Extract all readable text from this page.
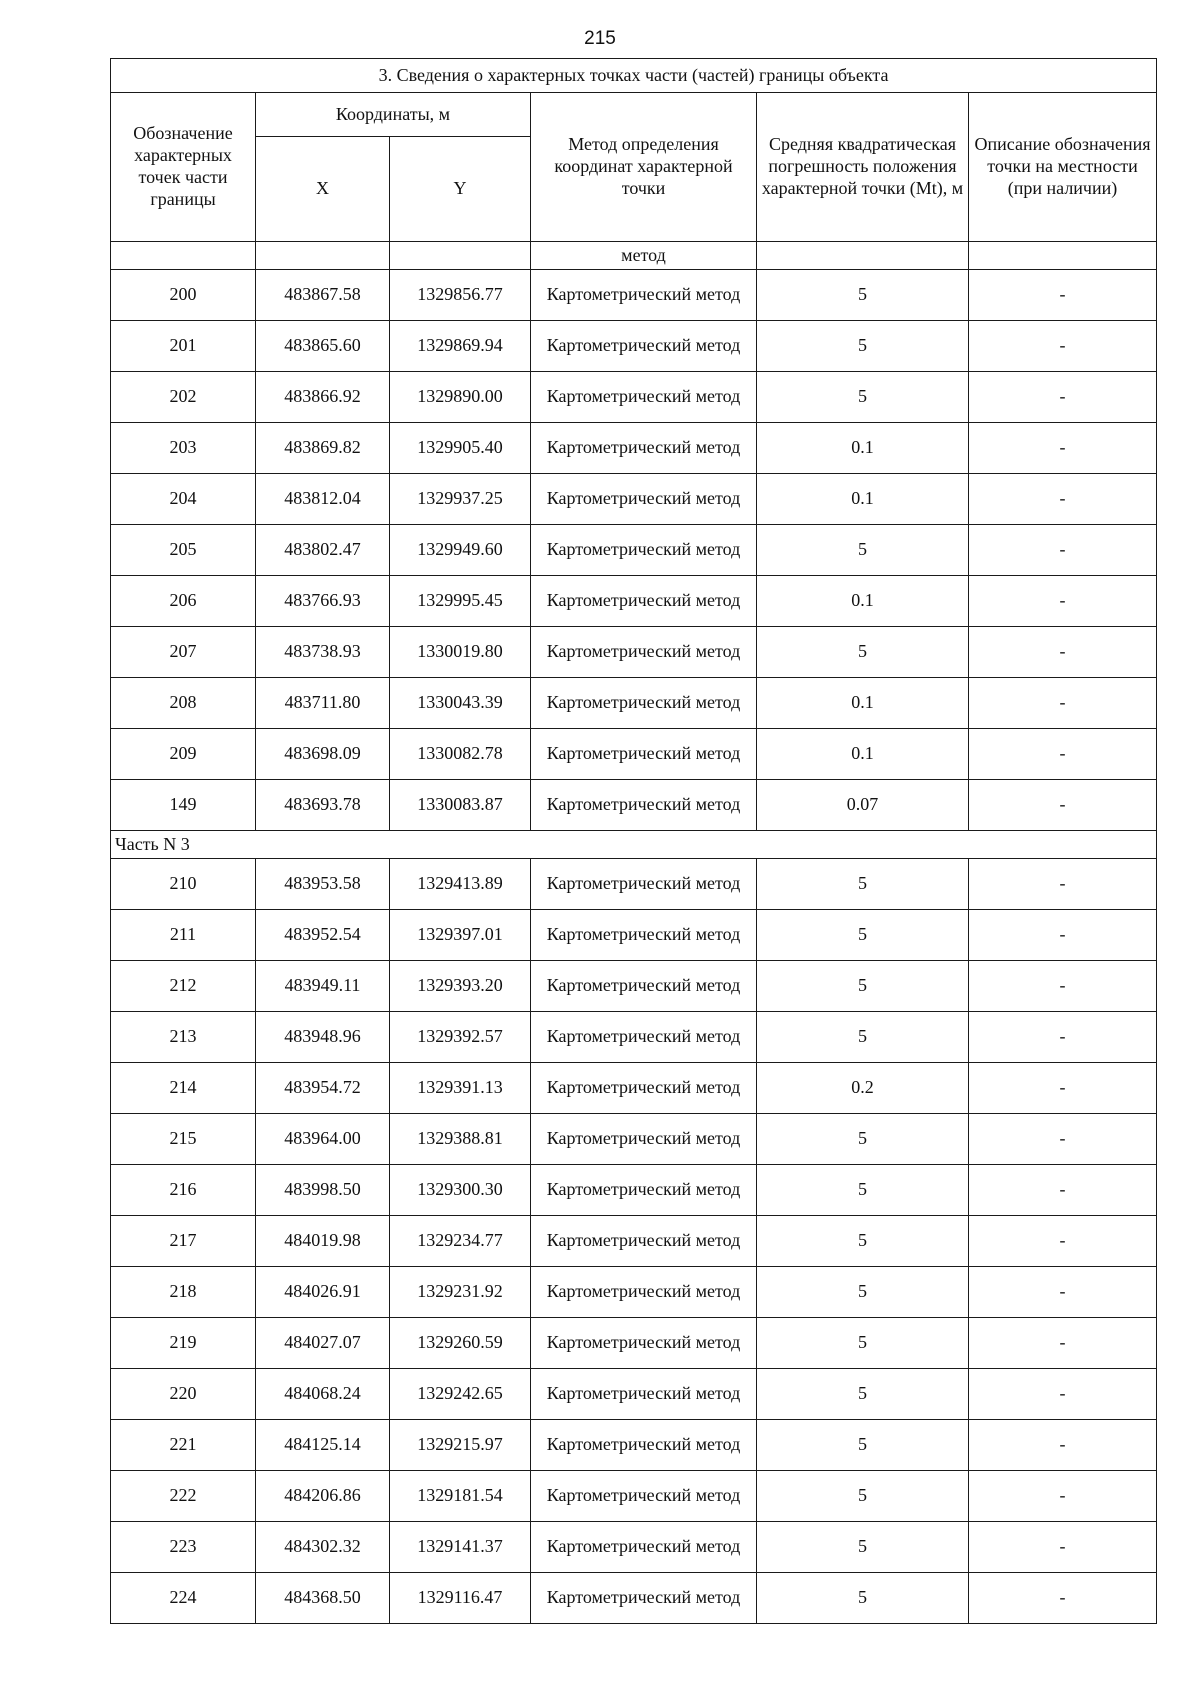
215
3. Сведения о характерных точках части (частей) границы объекта					
Обозначение характерных точек части границы	Координаты, м		Метод определения координат характерной точки	Средняя квадратическая погрешность положения характерной точки (Mt), м	Описание обозначения точки на местности (при наличии)
	X	Y			
			метод		
200	483867.58	1329856.77	Картометрический метод	5	-
201	483865.60	1329869.94	Картометрический метод	5	-
202	483866.92	1329890.00	Картометрический метод	5	-
203	483869.82	1329905.40	Картометрический метод	0.1	-
204	483812.04	1329937.25	Картометрический метод	0.1	-
205	483802.47	1329949.60	Картометрический метод	5	-
206	483766.93	1329995.45	Картометрический метод	0.1	-
207	483738.93	1330019.80	Картометрический метод	5	-
208	483711.80	1330043.39	Картометрический метод	0.1	-
209	483698.09	1330082.78	Картометрический метод	0.1	-
149	483693.78	1330083.87	Картометрический метод	0.07	-
Часть N 3					
210	483953.58	1329413.89	Картометрический метод	5	-
211	483952.54	1329397.01	Картометрический метод	5	-
212	483949.11	1329393.20	Картометрический метод	5	-
213	483948.96	1329392.57	Картометрический метод	5	-
214	483954.72	1329391.13	Картометрический метод	0.2	-
215	483964.00	1329388.81	Картометрический метод	5	-
216	483998.50	1329300.30	Картометрический метод	5	-
217	484019.98	1329234.77	Картометрический метод	5	-
218	484026.91	1329231.92	Картометрический метод	5	-
219	484027.07	1329260.59	Картометрический метод	5	-
220	484068.24	1329242.65	Картометрический метод	5	-
221	484125.14	1329215.97	Картометрический метод	5	-
222	484206.86	1329181.54	Картометрический метод	5	-
223	484302.32	1329141.37	Картометрический метод	5	-
224	484368.50	1329116.47	Картометрический метод	5	-
